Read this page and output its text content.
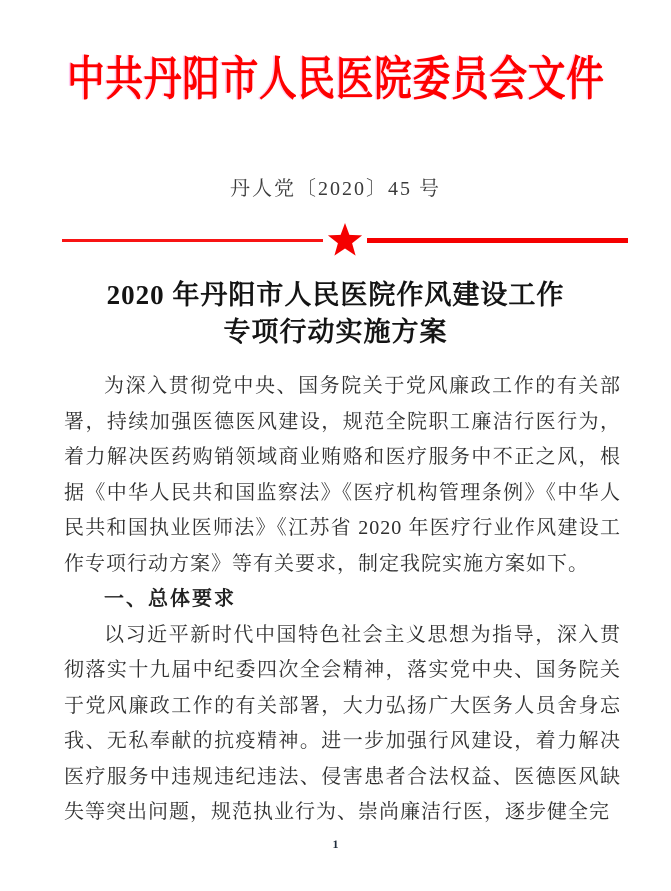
中共丹阳市人民医院委员会文件
丹人党〔2020〕45 号
2020 年丹阳市人民医院作风建设工作
专项行动实施方案

为深入贯彻党中央、国务院关于党风廉政工作的有关部署，持续加强医德医风建设，规范全院职工廉洁行医行为，着力解决医药购销领域商业贿赂和医疗服务中不正之风，根据《中华人民共和国监察法》《医疗机构管理条例》《中华人民共和国执业医师法》《江苏省 2020 年医疗行业作风建设工作专项行动方案》等有关要求，制定我院实施方案如下。

一、总体要求

以习近平新时代中国特色社会主义思想为指导，深入贯彻落实十九届中纪委四次全会精神，落实党中央、国务院关于党风廉政工作的有关部署，大力弘扬广大医务人员舍身忘我、无私奉献的抗疫精神。进一步加强行风建设，着力解决医疗服务中违规违纪违法、侵害患者合法权益、医德医风缺失等突出问题，规范执业行为、崇尚廉洁行医，逐步健全完

1
